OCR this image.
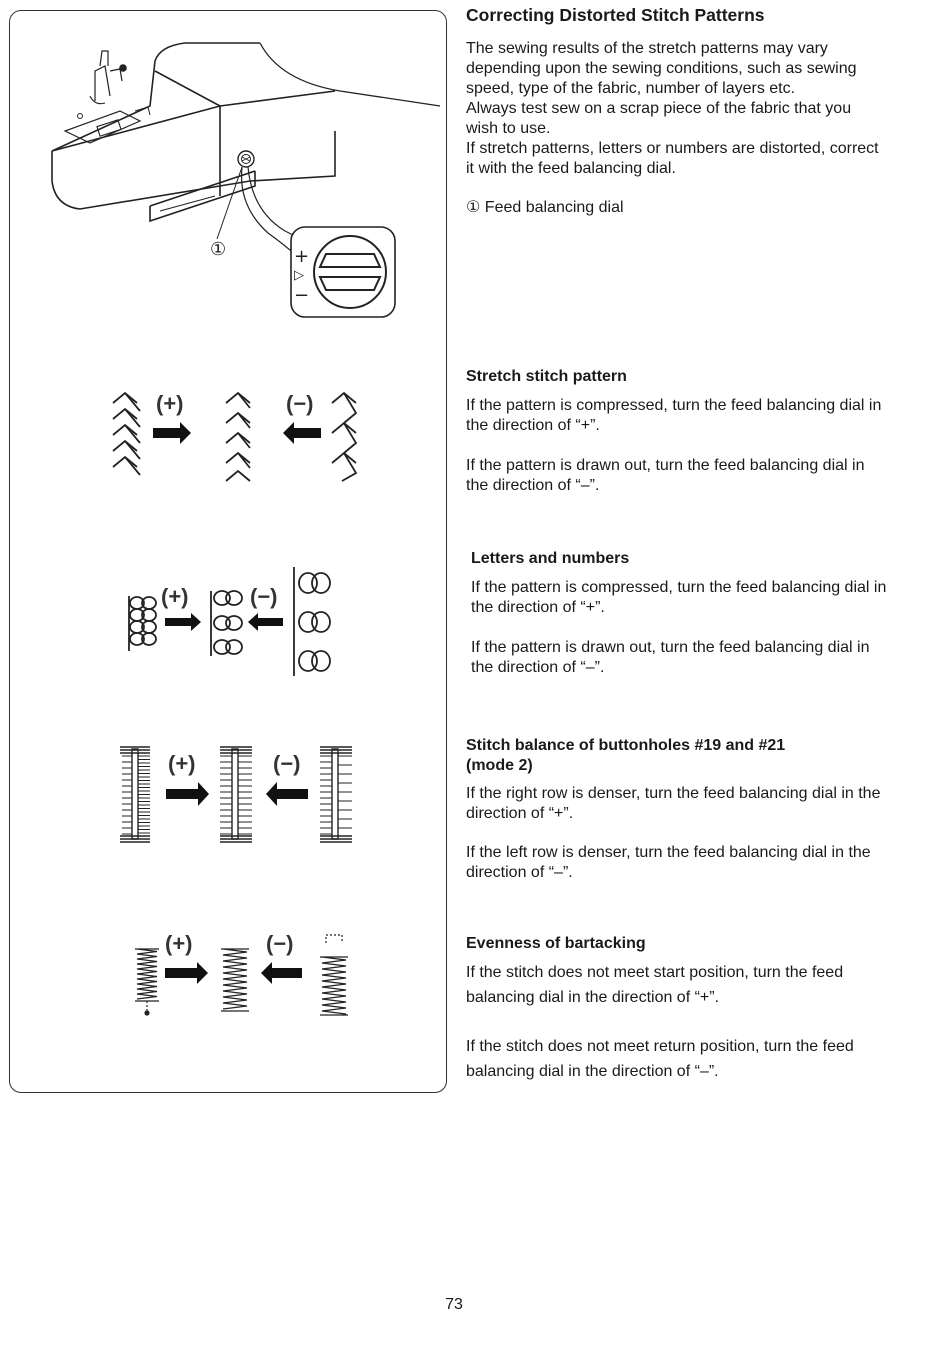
①	+
▷
−
(+)	(−)
(+)	(−)
(+)	(−)
(+)	(−)
Correcting Distorted Stitch Patterns

The sewing results of the stretch patterns may vary

depending upon the sewing conditions, such as sewing

speed, type of the fabric, number of layers etc.

Always test sew on a scrap piece of the fabric that you

wish to use.

If stretch patterns, letters or numbers are distorted, correct

it with the feed balancing dial.

① Feed balancing dial
Stretch stitch pattern

If the pattern is compressed, turn the feed balancing dial in

the direction of “+”.

If the pattern is drawn out, turn the feed balancing dial in

the direction of “–”.

Letters and numbers

If the pattern is compressed, turn the feed balancing dial in

the direction of “+”.

If the pattern is drawn out, turn the feed balancing dial in

the direction of “–”.

Stitch balance of buttonholes #19 and #21

(mode 2)

If the right row is denser, turn the feed balancing dial in the

direction of “+”.

If the left row is denser, turn the feed balancing dial in the

direction of “–”.

Evenness of bartacking

If the stitch does not meet start position, turn the feed

balancing dial in the direction of “+”.

If the stitch does not meet return position, turn the feed

balancing dial in the direction of “–”.

73
